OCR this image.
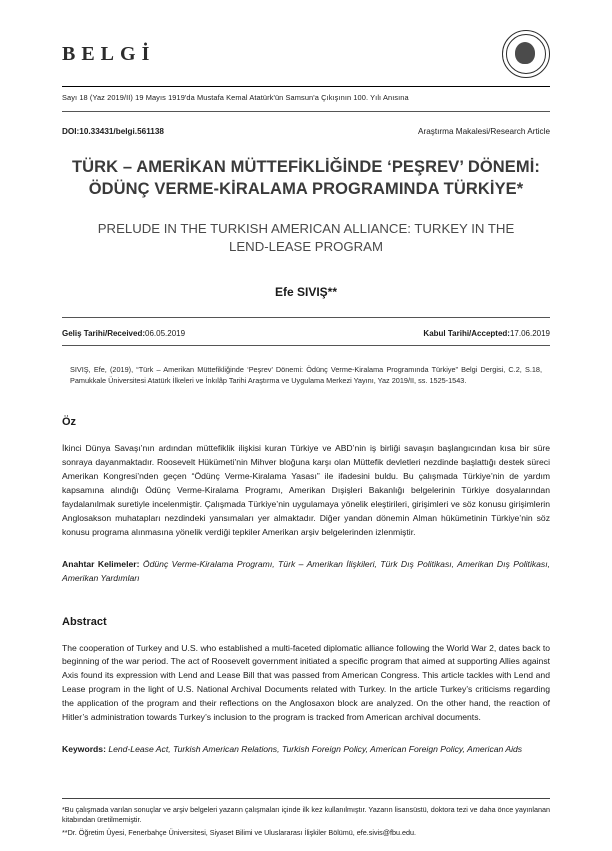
BELGİ
Sayı 18 (Yaz 2019/II) 19 Mayıs 1919'da Mustafa Kemal Atatürk'ün Samsun'a Çıkışının 100. Yılı Anısına
DOI:10.33431/belgi.561138	Araştırma Makalesi/Research Article
TÜRK – AMERİKAN MÜTTEFİKLİĞİNDE ‘PEŞREV’ DÖNEMİ: ÖDÜNÇ VERME-KİRALAMA PROGRAMINDA TÜRKİYE*
PRELUDE IN THE TURKISH AMERICAN ALLIANCE: TURKEY IN THE LEND-LEASE PROGRAM
Efe SIVIŞ**
Geliş Tarihi/Received:06.05.2019	Kabul Tarihi/Accepted:17.06.2019
SIVIŞ, Efe, (2019), “Türk – Amerikan Müttefikliğinde ‘Peşrev’ Dönemi: Ödünç Verme-Kiralama Programında Türkiye” Belgi Dergisi, C.2, S.18, Pamukkale Üniversitesi Atatürk İlkeleri ve İnkılâp Tarihi Araştırma ve Uygulama Merkezi Yayını, Yaz 2019/II, ss. 1525-1543.
Öz
İkinci Dünya Savaşı’nın ardından müttefiklik ilişkisi kuran Türkiye ve ABD’nin iş birliği savaşın başlangıcından kısa bir süre sonraya dayanmaktadır. Roosevelt Hükümeti’nin Mihver bloğuna karşı olan Müttefik devletleri nezdinde başlattığı destek süreci Amerikan Kongresi’nden geçen “Ödünç Verme-Kiralama Yasası” ile ifadesini buldu. Bu çalışmada Türkiye’nin de yardım kapsamına alındığı Ödünç Verme-Kiralama Programı, Amerikan Dışişleri Bakanlığı belgelerinin Türkiye dosyalarından faydalanılmak suretiyle incelenmiştir. Çalışmada Türkiye’nin uygulamaya yönelik eleştirileri, girişimleri ve söz konusu girişimlerin Anglosakson muhatapları nezdindeki yansımaları yer almaktadır. Diğer yandan dönemin Alman hükümetinin Türkiye’nin söz konusu programa alınmasına yönelik verdiği tepkiler Amerikan arşiv belgelerinden izlenmiştir.
Anahtar Kelimeler: Ödünç Verme-Kiralama Programı, Türk – Amerikan İlişkileri, Türk Dış Politikası, Amerikan Dış Politikası, Amerikan Yardımları
Abstract
The cooperation of Turkey and U.S. who established a multi-faceted diplomatic alliance following the World War 2, dates back to beginning of the war period. The act of Roosevelt government initiated a specific program that aimed at supporting Allies against Axis found its expression with Lend and Lease Bill that was passed from American Congress. This article tackles with Lend and Lease program in the light of U.S. National Archival Documents related with Turkey. In the article Turkey’s criticisms regarding the application of the program and their reflections on the Anglosaxon block are analyzed. On the other hand, the reaction of Hitler’s administration towards Turkey’s inclusion to the program is tracked from American archival documents.
Keywords: Lend-Lease Act, Turkish American Relations, Turkish Foreign Policy, American Foreign Policy, American Aids
*Bu çalışmada varılan sonuçlar ve arşiv belgeleri yazarın çalışmaları içinde ilk kez kullanılmıştır. Yazarın lisansüstü, doktora tezi ve daha önce yayınlanan kitabından üretilmemiştir.
**Dr. Öğretim Üyesi, Fenerbahçe Üniversitesi, Siyaset Bilimi ve Uluslararası İlişkiler Bölümü, efe.sivis@fbu.edu.
